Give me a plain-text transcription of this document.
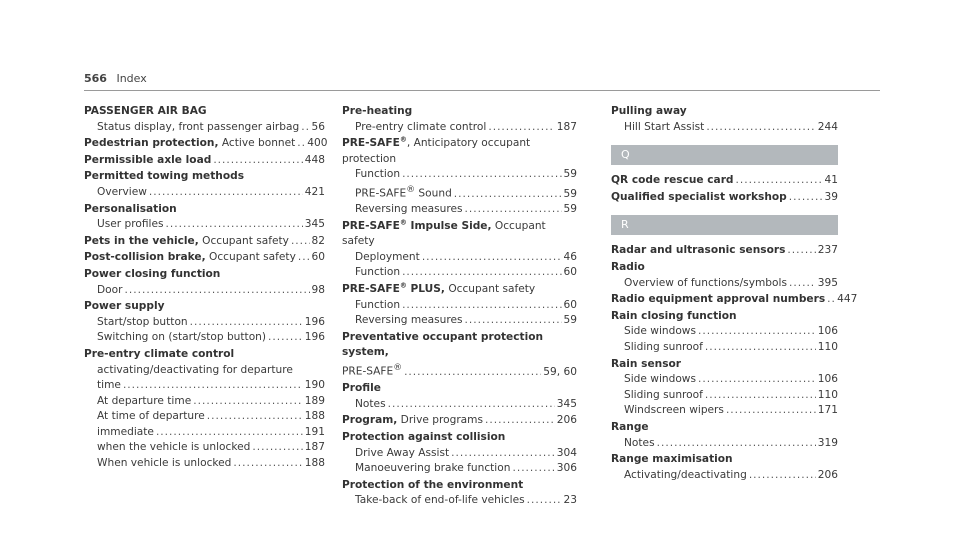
566 Index
PASSENGER AIR BAG
Status display, front passenger airbag ..... 56
Pedestrian protection, Active bonnet ..... 400
Permissible axle load .....	448
Permitted towing methods
Overview .....	421
Personalisation
User profiles .....	345
Pets in the vehicle, Occupant safety ..... 82
Post-collision brake, Occupant safety ..... 60
Power closing function
Door .....	98
Power supply
Start/stop button .....	196
Switching on (start/stop button) .....	196
Pre-entry climate control
activating/deactivating for departure
time .....	190
At departure time .....	189
At time of departure .....	188
immediate .....	191
when the vehicle is unlocked .....	187
When vehicle is unlocked .....	188
Pre-heating
Pre-entry climate control .....	187
PRE-SAFE®, Anticipatory occupant protection
Function .....	59
PRE-SAFE® Sound .....	59
Reversing measures .....	59
PRE-SAFE® Impulse Side, Occupant safety
Deployment .....	46
Function .....	60
PRE-SAFE® PLUS, Occupant safety
Function .....	60
Reversing measures .....	59
Preventative occupant protection system,
PRE-SAFE® .....	59, 60
Profile
Notes .....	345
Program, Drive programs .....	206
Protection against collision
Drive Away Assist .....	304
Manoeuvering brake function .....	306
Protection of the environment
Take-back of end-of-life vehicles .....	23
Pulling away
Hill Start Assist .....	244
Q
QR code rescue card .....	41
Qualified specialist workshop .....	39
R
Radar and ultrasonic sensors .....	237
Radio
Overview of functions/symbols .....	395
Radio equipment approval numbers ..... 447
Rain closing function
Side windows .....	106
Sliding sunroof .....	110
Rain sensor
Side windows .....	106
Sliding sunroof .....	110
Windscreen wipers .....	171
Range
Notes .....	319
Range maximisation
Activating/deactivating .....	206
